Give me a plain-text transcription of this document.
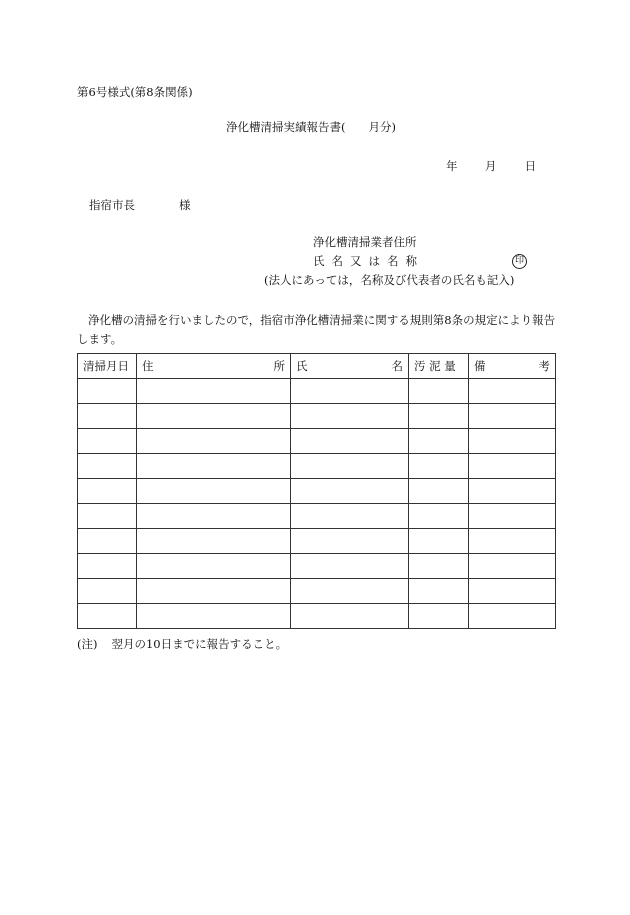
第6号様式(第8条関係)
浄化槽清掃実績報告書(　　月分)
年 月 日
指宿市長	様
浄化槽清掃業者住所
氏名又は名称	印
(法人にあっては，名称及び代表者の氏名も記入)
浄化槽の清掃を行いましたので，指宿市浄化槽清掃業に関する規則第8条の規定により報告します。
清掃月日	住 所	氏 名	汚 泥 量	備 考

(注) 翌月の10日までに報告すること。
